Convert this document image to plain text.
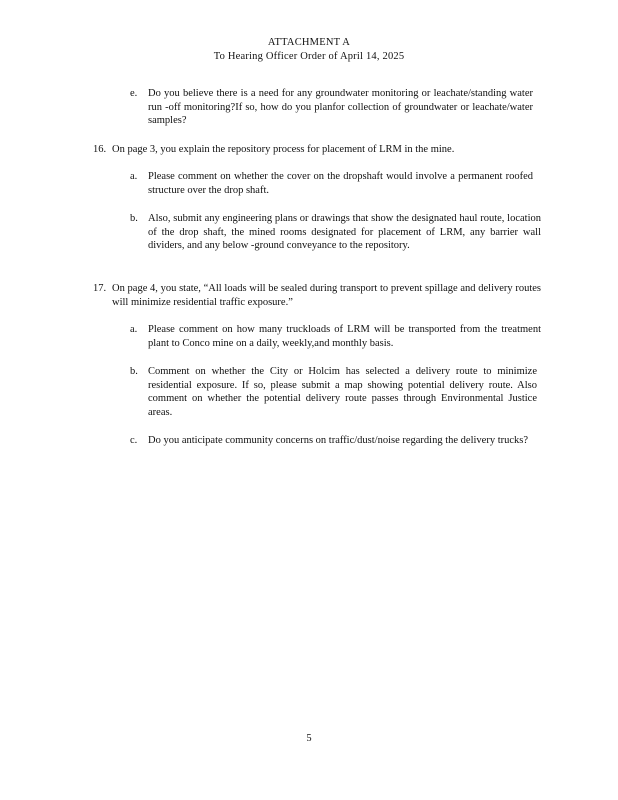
ATTACHMENT A
To Hearing Officer Order of April 14, 2025
e. Do you believe there is a need for any groundwater monitoring or leachate/standing water run -off monitoring?If so, how do you planfor collection of groundwater or leachate/water samples?
16. On page 3, you explain the repository process for placement of LRM in the mine.
a. Please comment on whether the cover on the dropshaft would involve a permanent roofed structure over the drop shaft.
b. Also, submit any engineering plans or drawings that show the designated haul route, location of the drop shaft, the mined rooms designated for placement of LRM, any barrier wall dividers, and any below -ground conveyance to the repository.
17. On page 4, you state, “All loads will be sealed during transport to prevent spillage and delivery routes will minimize residential traffic exposure.”
a. Please comment on how many truckloads of LRM will be transported from the treatment plant to Conco mine on a daily, weekly,and monthly basis.
b. Comment on whether the City or Holcim has selected a delivery route to minimize residential exposure. If so, please submit a map showing potential delivery route. Also comment on whether the potential delivery route passes through Environmental Justice areas.
c. Do you anticipate community concerns on traffic/dust/noise regarding the delivery trucks?
5
